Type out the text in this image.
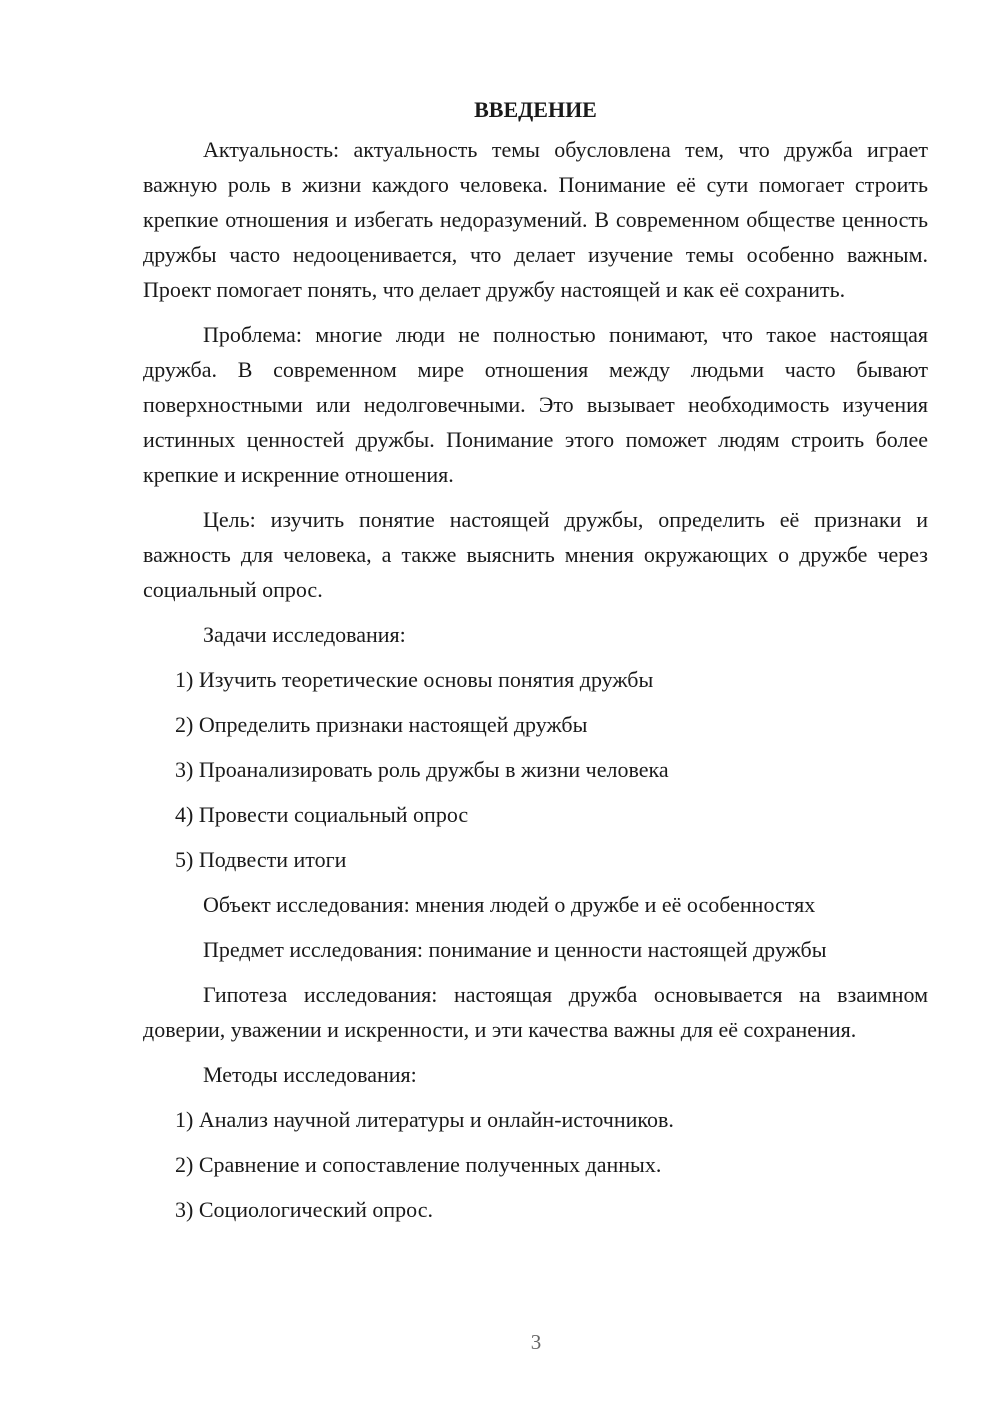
ВВЕДЕНИЕ

Актуальность: актуальность темы обусловлена тем, что дружба играет важную роль в жизни каждого человека. Понимание её сути помогает строить крепкие отношения и избегать недоразумений. В современном обществе ценность дружбы часто недооценивается, что делает изучение темы особенно важным. Проект помогает понять, что делает дружбу настоящей и как её сохранить.

Проблема: многие люди не полностью понимают, что такое настоящая дружба. В современном мире отношения между людьми часто бывают поверхностными или недолговечными. Это вызывает необходимость изучения истинных ценностей дружбы. Понимание этого поможет людям строить более крепкие и искренние отношения.

Цель: изучить понятие настоящей дружбы, определить её признаки и важность для человека, а также выяснить мнения окружающих о дружбе через социальный опрос.

Задачи исследования:

1) Изучить теоретические основы понятия дружбы
2) Определить признаки настоящей дружбы
3) Проанализировать роль дружбы в жизни человека
4) Провести социальный опрос
5) Подвести итоги

Объект исследования: мнения людей о дружбе и её особенностях

Предмет исследования: понимание и ценности настоящей дружбы

Гипотеза исследования: настоящая дружба основывается на взаимном доверии, уважении и искренности, и эти качества важны для её сохранения.

Методы исследования:

1) Анализ научной литературы и онлайн-источников.
2) Сравнение и сопоставление полученных данных.
3) Социологический опрос.
3
